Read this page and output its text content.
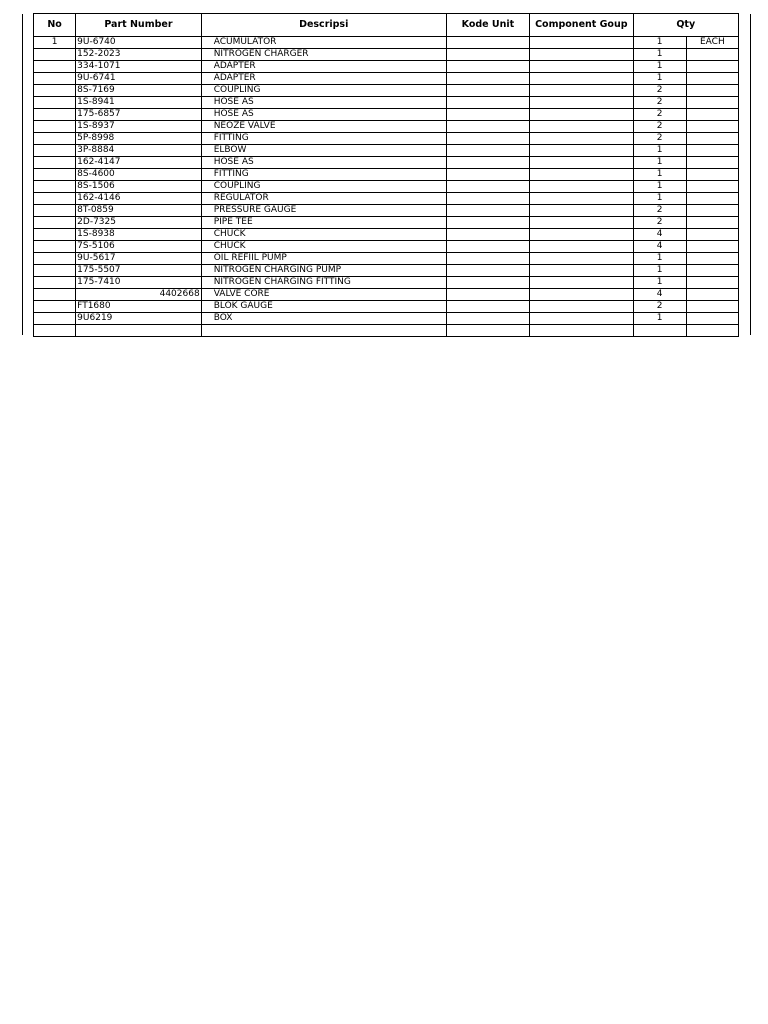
No	Part Number	Descripsi	Kode Unit	Component Goup	Qty	
1	9U-6740	ACUMULATOR			1	EACH
	152-2023	NITROGEN CHARGER			1	
	334-1071	ADAPTER			1	
	9U-6741	ADAPTER			1	
	8S-7169	COUPLING			2	
	1S-8941	HOSE AS			2	
	175-6857	HOSE AS			2	
	1S-8937	NEOZE VALVE			2	
	5P-8998	FITTING			2	
	3P-8884	ELBOW			1	
	162-4147	HOSE AS			1	
	8S-4600	FITTING			1	
	8S-1506	COUPLING			1	
	162-4146	REGULATOR			1	
	8T-0859	PRESSURE GAUGE			2	
	2D-7325	PIPE TEE			2	
	1S-8938	CHUCK			4	
	7S-5106	CHUCK			4	
	9U-5617	OIL REFIIL PUMP			1	
	175-5507	NITROGEN CHARGING PUMP			1	
	175-7410	NITROGEN CHARGING FITTING			1	
	4402668	VALVE CORE			4	
	FT1680	BLOK GAUGE			2	
	9U6219	BOX			1	
